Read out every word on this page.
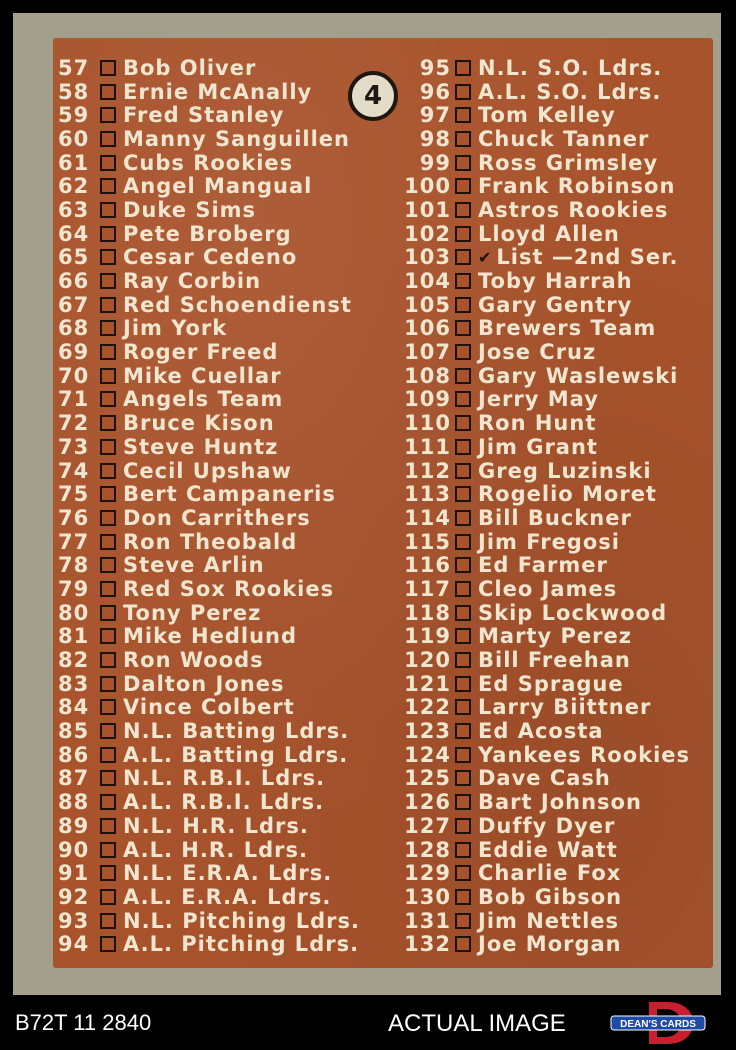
57	Bob Oliver
58	Ernie McAnally
59	Fred Stanley
60	Manny Sanguillen
61	Cubs Rookies
62	Angel Mangual
63	Duke Sims
64	Pete Broberg
65	Cesar Cedeno
66	Ray Corbin
67	Red Schoendienst
68	Jim York
69	Roger Freed
70	Mike Cuellar
71	Angels Team
72	Bruce Kison
73	Steve Huntz
74	Cecil Upshaw
75	Bert Campaneris
76	Don Carrithers
77	Ron Theobald
78	Steve Arlin
79	Red Sox Rookies
80	Tony Perez
81	Mike Hedlund
82	Ron Woods
83	Dalton Jones
84	Vince Colbert
85	N.L. Batting Ldrs.
86	A.L. Batting Ldrs.
87	N.L. R.B.I. Ldrs.
88	A.L. R.B.I. Ldrs.
89	N.L. H.R. Ldrs.
90	A.L. H.R. Ldrs.
91	N.L. E.R.A. Ldrs.
92	A.L. E.R.A. Ldrs.
93	N.L. Pitching Ldrs.
94	A.L. Pitching Ldrs.
95 N.L. S.O. Ldrs.
96 A.L. S.O. Ldrs.
97 Tom Kelley
98 Chuck Tanner
99 Ross Grimsley
100 Frank Robinson
101 Astros Rookies
102 Lloyd Allen
103 ✔ List —2nd Ser.
104 Toby Harrah
105 Gary Gentry
106 Brewers Team
107 Jose Cruz
108 Gary Waslewski
109 Jerry May
110 Ron Hunt
111 Jim Grant
112 Greg Luzinski
113 Rogelio Moret
114 Bill Buckner
115 Jim Fregosi
116 Ed Farmer
117 Cleo James
118 Skip Lockwood
119 Marty Perez
120 Bill Freehan
121 Ed Sprague
122 Larry Biittner
123 Ed Acosta
124 Yankees Rookies
125 Dave Cash
126 Bart Johnson
127 Duffy Dyer
128 Eddie Watt
129 Charlie Fox
130 Bob Gibson
131 Jim Nettles
132 Joe Morgan
4
B72T 11 2840	ACTUAL IMAGE	DEAN'S CARDS
